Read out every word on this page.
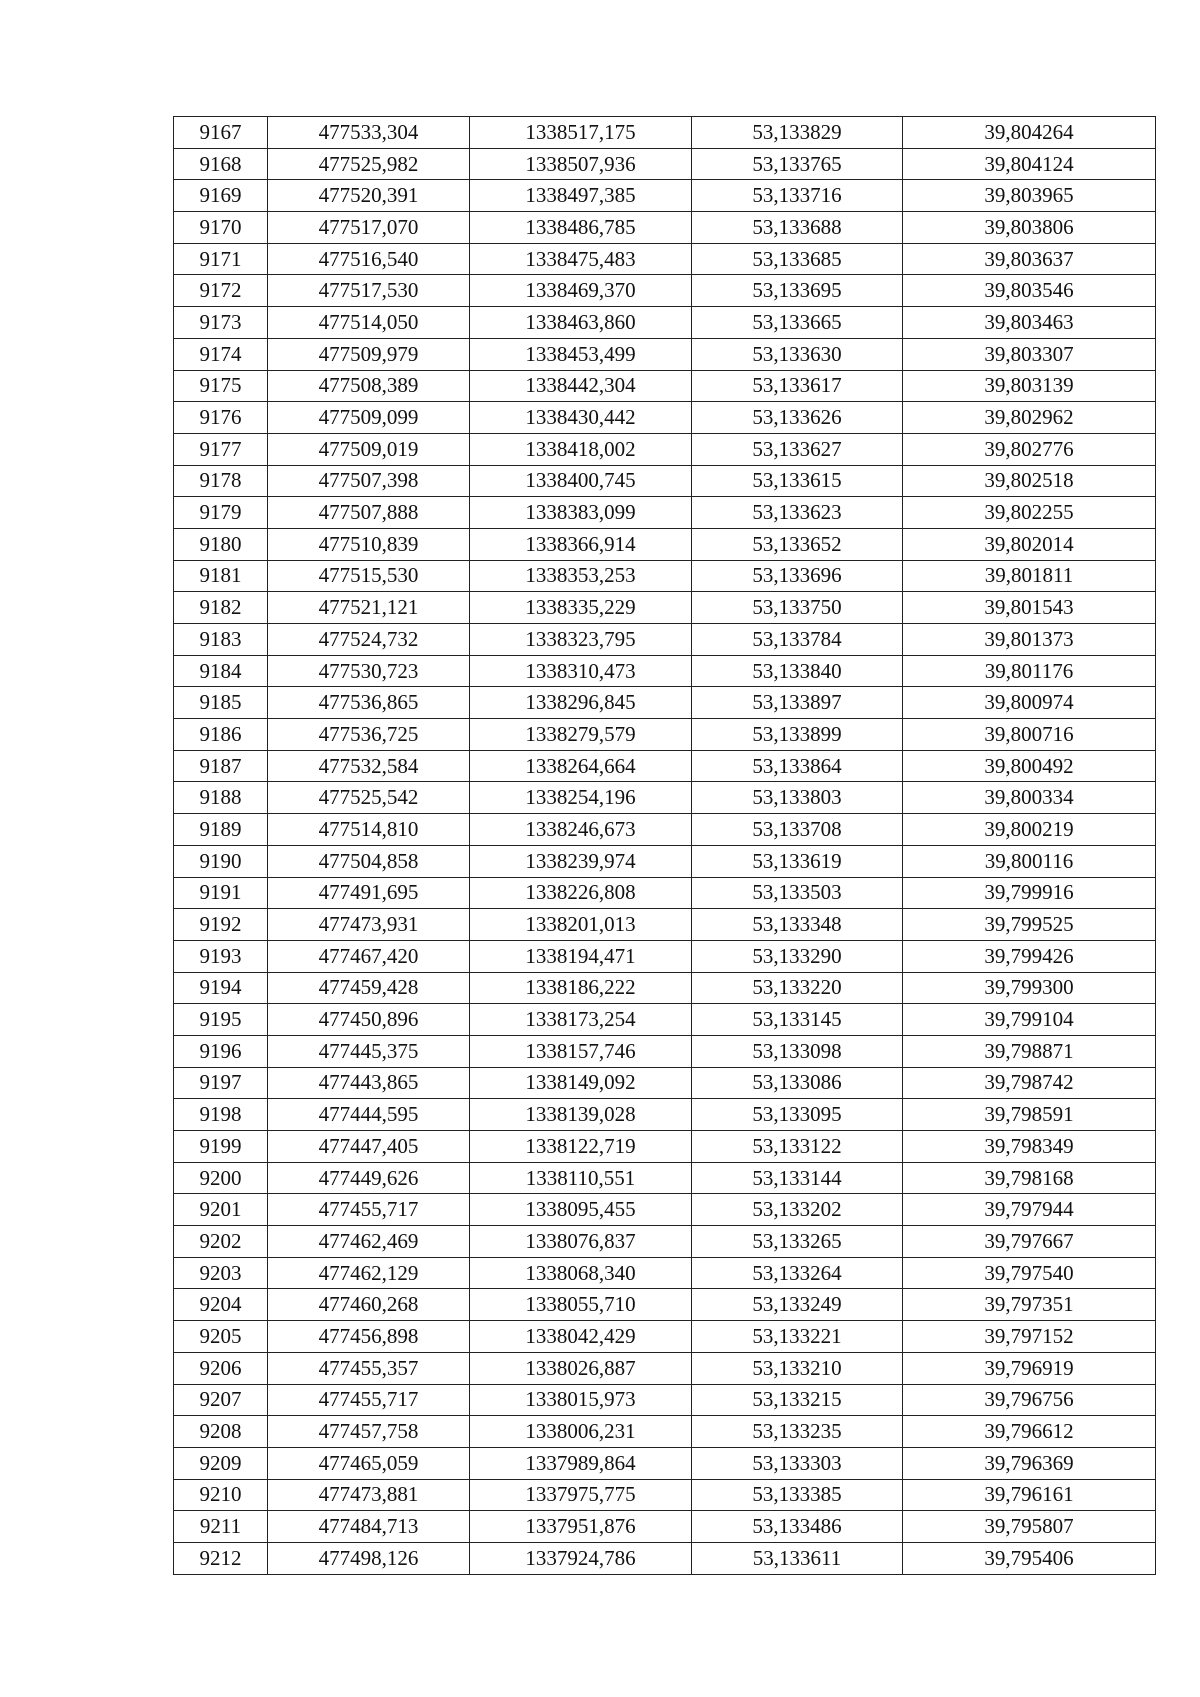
9167	477533,304	1338517,175	53,133829	39,804264
9168	477525,982	1338507,936	53,133765	39,804124
9169	477520,391	1338497,385	53,133716	39,803965
9170	477517,070	1338486,785	53,133688	39,803806
9171	477516,540	1338475,483	53,133685	39,803637
9172	477517,530	1338469,370	53,133695	39,803546
9173	477514,050	1338463,860	53,133665	39,803463
9174	477509,979	1338453,499	53,133630	39,803307
9175	477508,389	1338442,304	53,133617	39,803139
9176	477509,099	1338430,442	53,133626	39,802962
9177	477509,019	1338418,002	53,133627	39,802776
9178	477507,398	1338400,745	53,133615	39,802518
9179	477507,888	1338383,099	53,133623	39,802255
9180	477510,839	1338366,914	53,133652	39,802014
9181	477515,530	1338353,253	53,133696	39,801811
9182	477521,121	1338335,229	53,133750	39,801543
9183	477524,732	1338323,795	53,133784	39,801373
9184	477530,723	1338310,473	53,133840	39,801176
9185	477536,865	1338296,845	53,133897	39,800974
9186	477536,725	1338279,579	53,133899	39,800716
9187	477532,584	1338264,664	53,133864	39,800492
9188	477525,542	1338254,196	53,133803	39,800334
9189	477514,810	1338246,673	53,133708	39,800219
9190	477504,858	1338239,974	53,133619	39,800116
9191	477491,695	1338226,808	53,133503	39,799916
9192	477473,931	1338201,013	53,133348	39,799525
9193	477467,420	1338194,471	53,133290	39,799426
9194	477459,428	1338186,222	53,133220	39,799300
9195	477450,896	1338173,254	53,133145	39,799104
9196	477445,375	1338157,746	53,133098	39,798871
9197	477443,865	1338149,092	53,133086	39,798742
9198	477444,595	1338139,028	53,133095	39,798591
9199	477447,405	1338122,719	53,133122	39,798349
9200	477449,626	1338110,551	53,133144	39,798168
9201	477455,717	1338095,455	53,133202	39,797944
9202	477462,469	1338076,837	53,133265	39,797667
9203	477462,129	1338068,340	53,133264	39,797540
9204	477460,268	1338055,710	53,133249	39,797351
9205	477456,898	1338042,429	53,133221	39,797152
9206	477455,357	1338026,887	53,133210	39,796919
9207	477455,717	1338015,973	53,133215	39,796756
9208	477457,758	1338006,231	53,133235	39,796612
9209	477465,059	1337989,864	53,133303	39,796369
9210	477473,881	1337975,775	53,133385	39,796161
9211	477484,713	1337951,876	53,133486	39,795807
9212	477498,126	1337924,786	53,133611	39,795406
